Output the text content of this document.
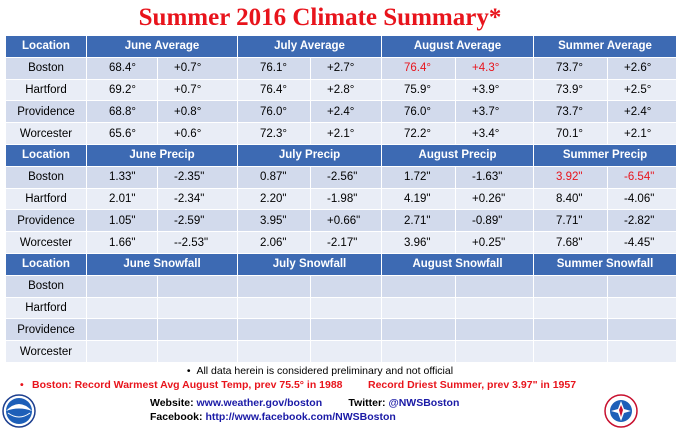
Summer 2016 Climate Summary*
Location	June Average		July Average		August Average		Summer Average	
Boston	68.4°	+0.7°	76.1°	+2.7°	76.4°	+4.3°	73.7°	+2.6°
Hartford	69.2°	+0.7°	76.4°	+2.8°	75.9°	+3.9°	73.9°	+2.5°
Providence	68.8°	+0.8°	76.0°	+2.4°	76.0°	+3.7°	73.7°	+2.4°
Worcester	65.6°	+0.6°	72.3°	+2.1°	72.2°	+3.4°	70.1°	+2.1°
Location	June Precip		July Precip		August Precip		Summer Precip	
Boston	1.33"	-2.35"	0.87"	-2.56"	1.72"	-1.63"	3.92"	-6.54"
Hartford	2.01"	-2.34"	2.20"	-1.98"	4.19"	+0.26"	8.40"	-4.06"
Providence	1.05"	-2.59"	3.95"	+0.66"	2.71"	-0.89"	7.71"	-2.82"
Worcester	1.66"	--2.53"	2.06"	-2.17"	3.96"	+0.25"	7.68"	-4.45"
Location	June Snowfall		July Snowfall		August Snowfall		Summer Snowfall	
Boston								
Hartford								
Providence								
Worcester								
•  All data herein is considered preliminary and not official
• Boston: Record Warmest Avg August Temp, prev 75.5° in 1988 Record Driest Summer, prev 3.97" in 1957
Website: www.weather.gov/boston	Twitter: @NWSBoston
Facebook: http://www.facebook.com/NWSBoston
